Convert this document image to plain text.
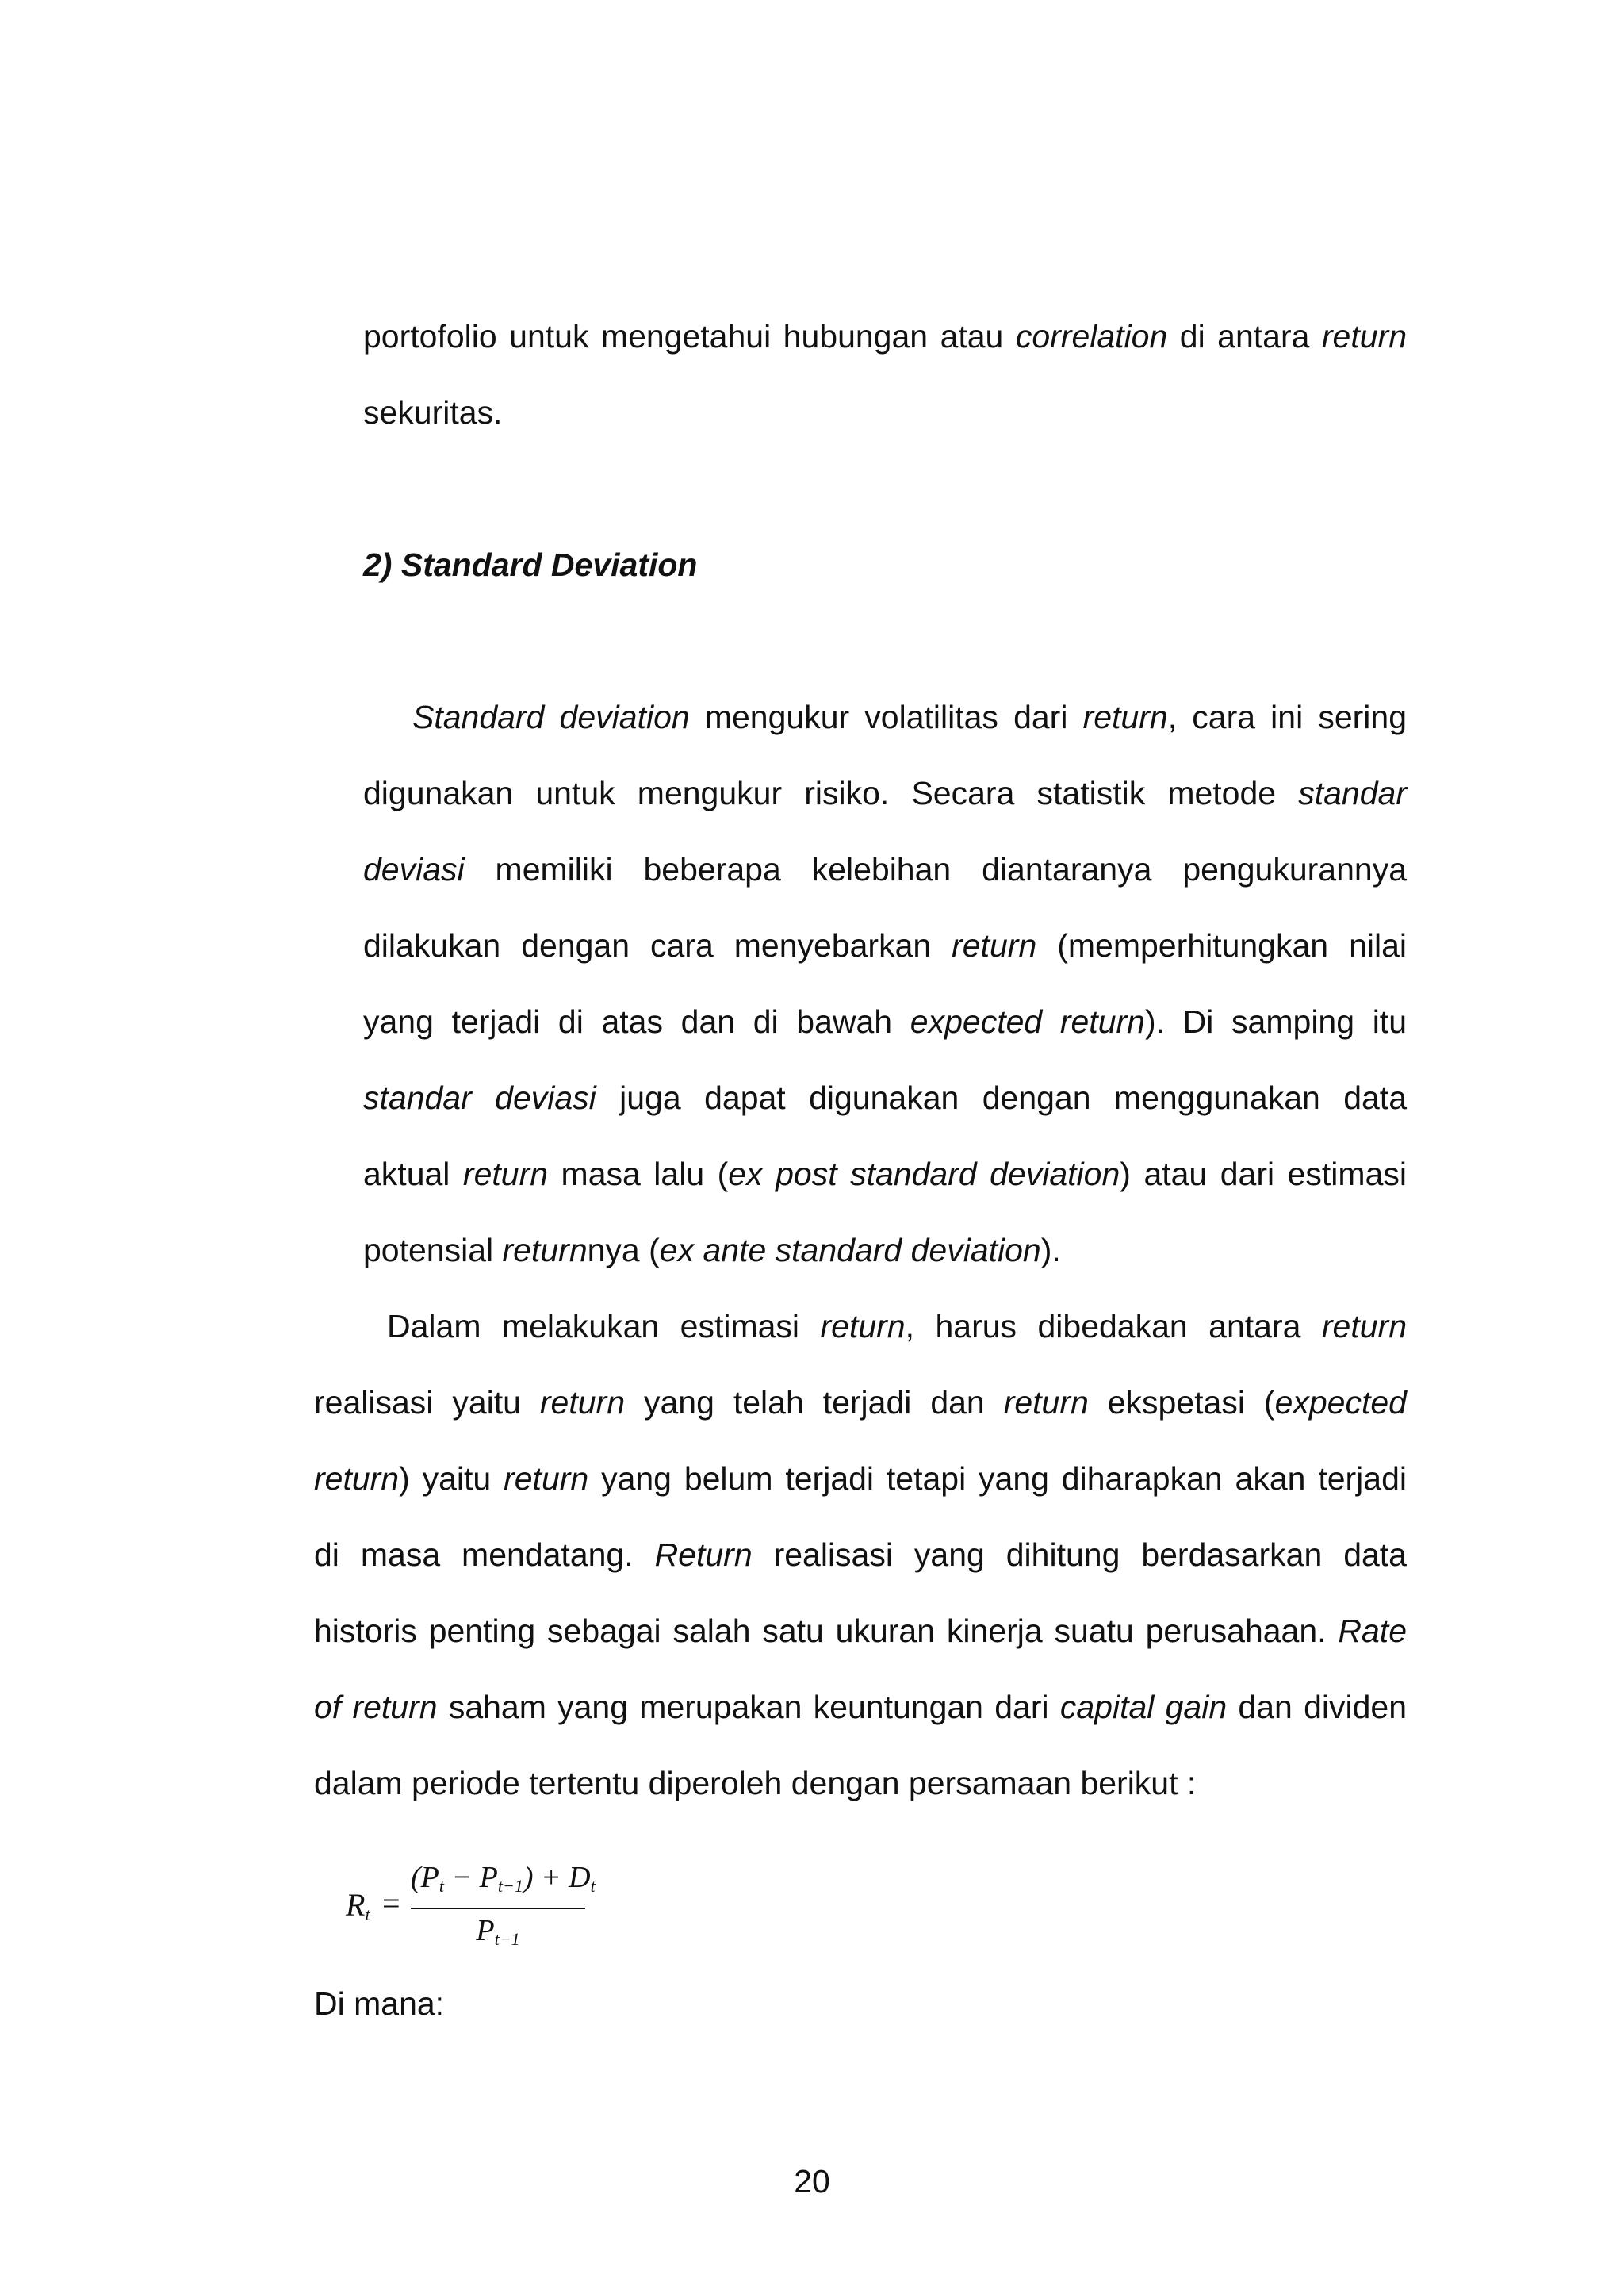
portofolio untuk mengetahui hubungan atau correlation di antara return
sekuritas.
2) Standard Deviation
Standard deviation mengukur volatilitas dari return, cara ini sering
digunakan untuk mengukur risiko. Secara statistik metode standar
deviasi memiliki beberapa kelebihan diantaranya pengukurannya
dilakukan dengan cara menyebarkan return (memperhitungkan nilai
yang terjadi di atas dan di bawah expected return). Di samping itu
standar deviasi juga dapat digunakan dengan menggunakan data
aktual return masa lalu (ex post standard deviation) atau dari estimasi
potensial returnnya (ex ante standard deviation).
Dalam melakukan estimasi return, harus dibedakan antara return
realisasi yaitu return yang telah terjadi dan return ekspetasi (expected
return) yaitu return yang belum terjadi tetapi yang diharapkan akan terjadi
di masa mendatang. Return realisasi yang dihitung berdasarkan data
historis penting sebagai salah satu ukuran kinerja suatu perusahaan. Rate
of return saham yang merupakan keuntungan dari capital gain dan dividen
dalam periode tertentu diperoleh dengan persamaan berikut :
$R_t$ =
$(P_t - P_{t-1}) + D_t$
$P_{t-1}$
Di mana:
20
